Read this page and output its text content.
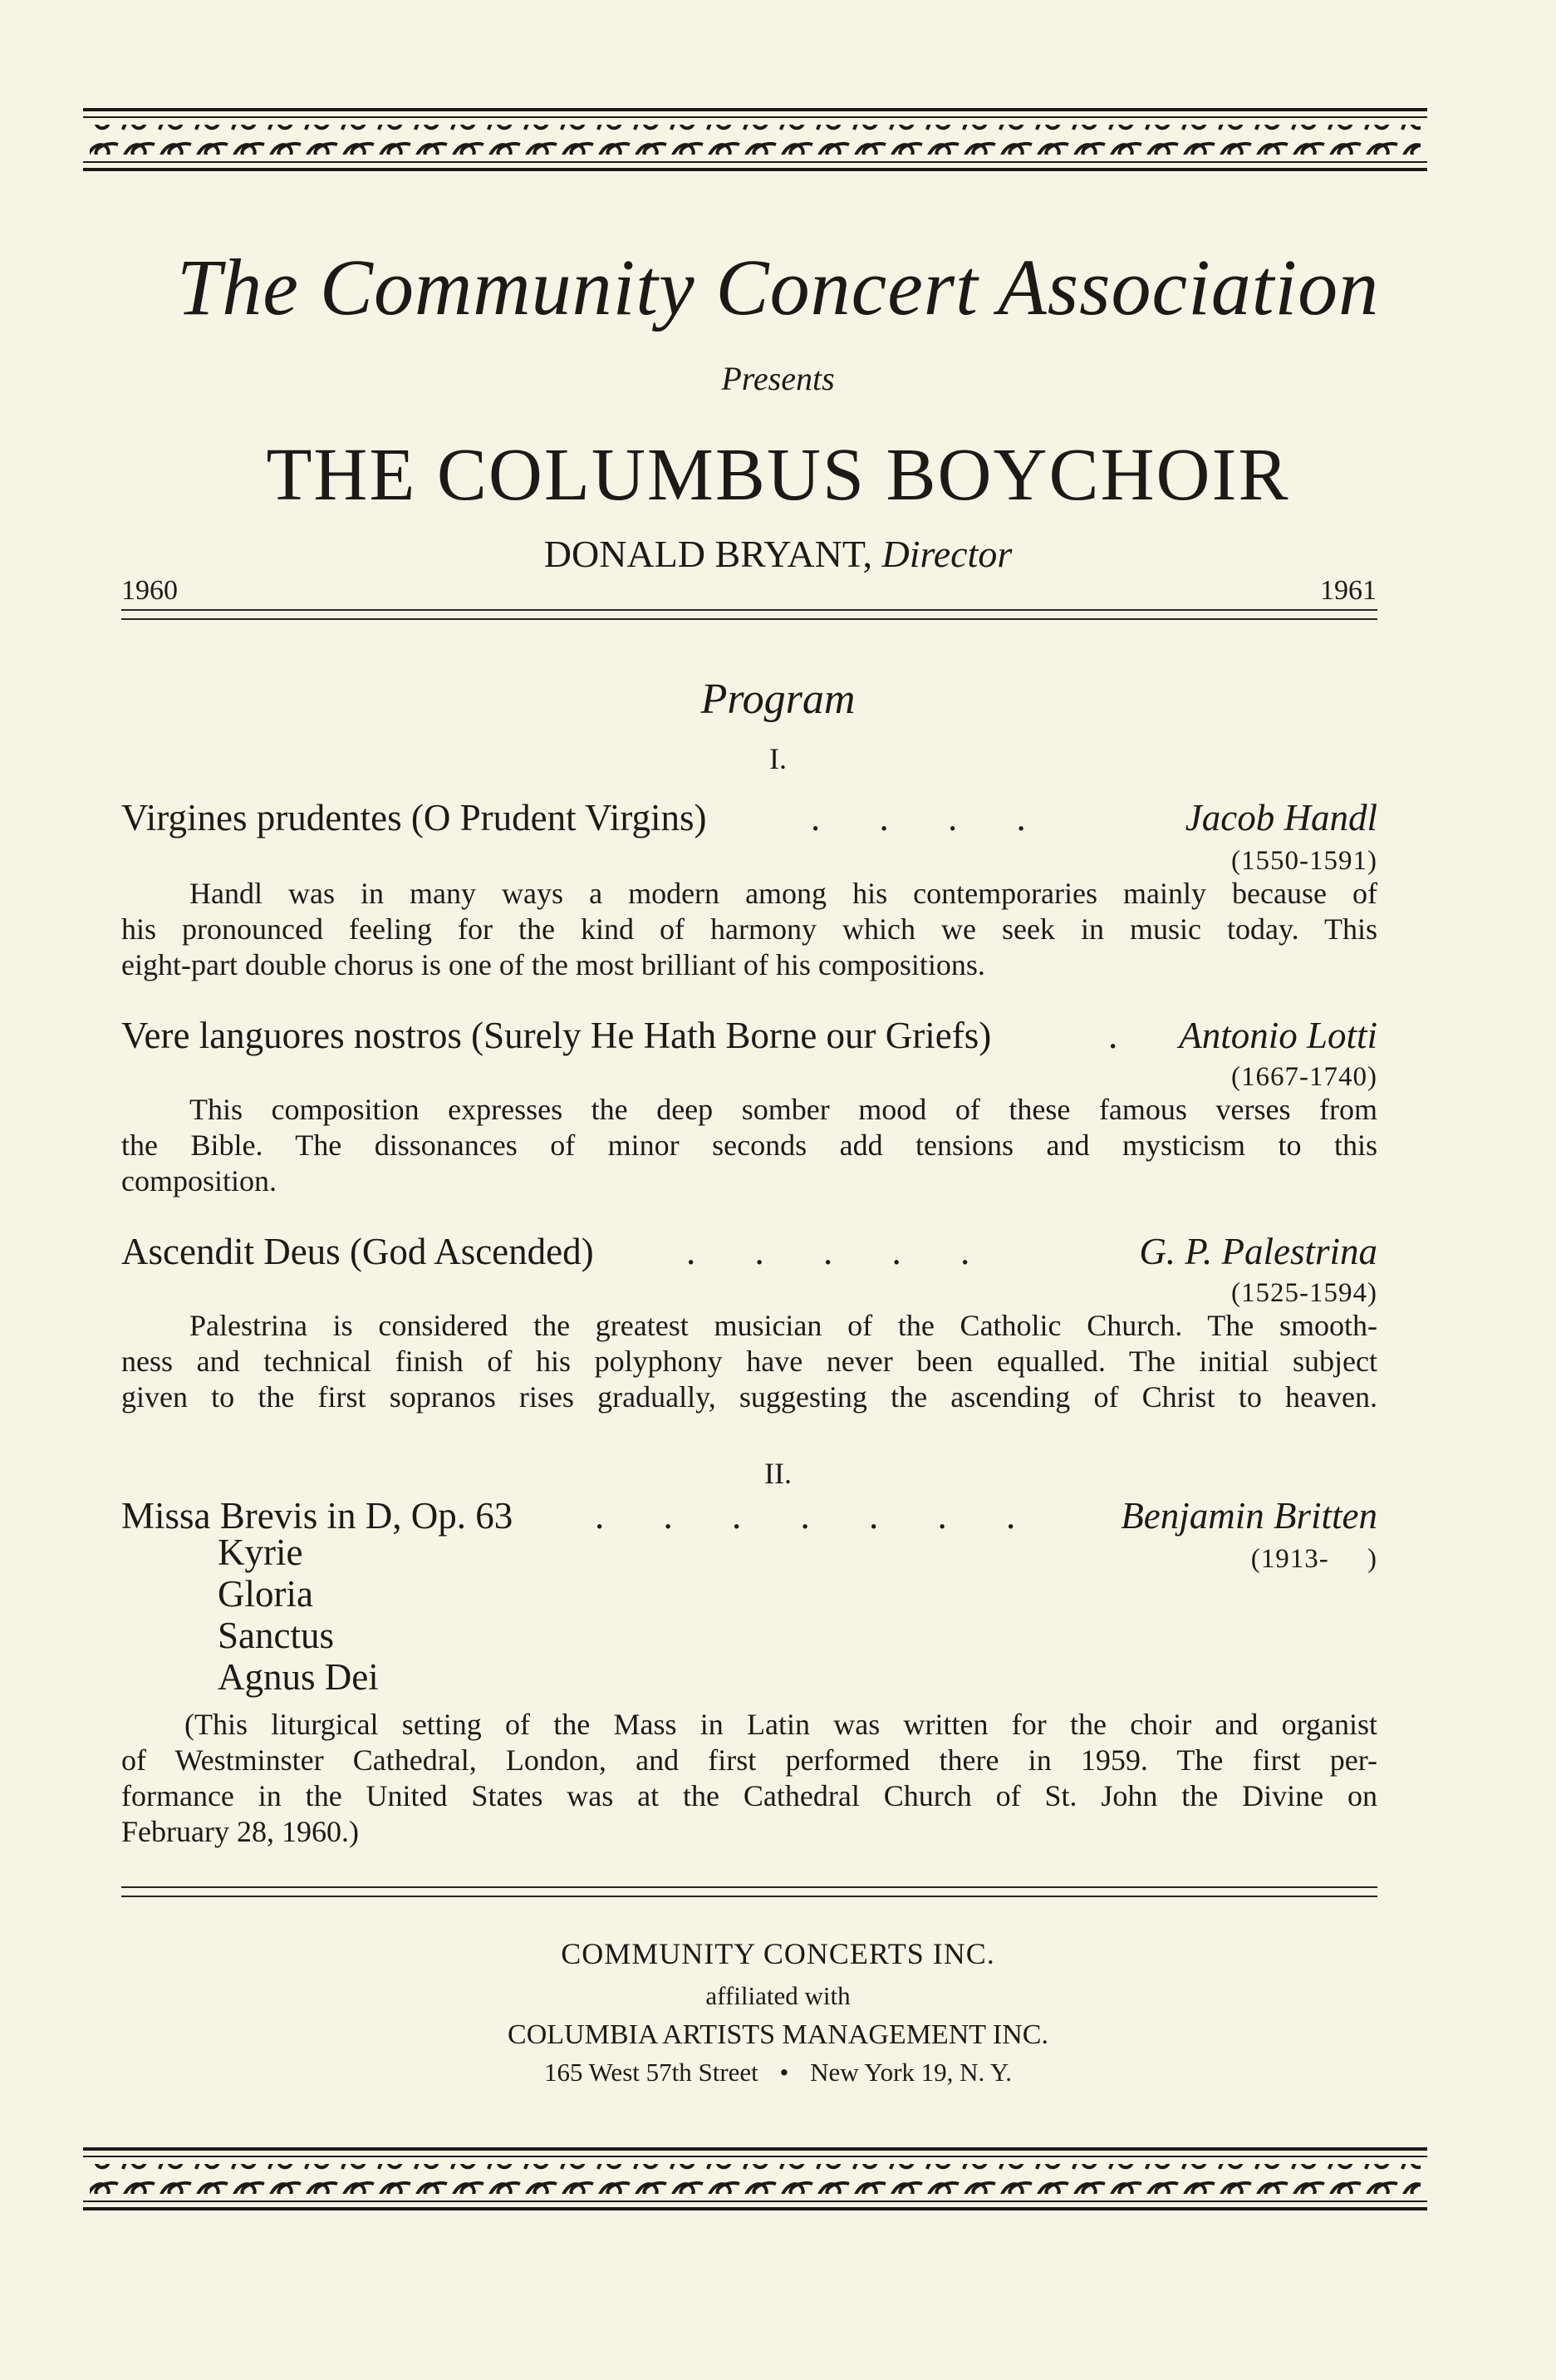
The Community Concert Association
Presents
THE COLUMBUS BOYCHOIR
DONALD BRYANT, Director
1960	1961
Program
I.
Virgines prudentes (O Prudent Virgins)	. . . .	Jacob Handl
(1550-1591)
Handl was in many ways a modern among his contemporaries mainly because of
his pronounced feeling for the kind of harmony which we seek in music today. This
eight-part double chorus is one of the most brilliant of his compositions.
Vere languores nostros (Surely He Hath Borne our Griefs)	. Antonio Lotti
(1667-1740)
This composition expresses the deep somber mood of these famous verses from
the Bible. The dissonances of minor seconds add tensions and mysticism to this
composition.
Ascendit Deus (God Ascended) . . . . .	G. P. Palestrina
(1525-1594)
Palestrina is considered the greatest musician of the Catholic Church. The smooth-
ness and technical finish of his polyphony have never been equalled. The initial subject
given to the first sopranos rises gradually, suggesting the ascending of Christ to heaven.
II.
Missa Brevis in D, Op. 63 . . . . . . . Benjamin Britten
(1913-     )
Kyrie
Gloria
Sanctus
Agnus Dei
(This liturgical setting of the Mass in Latin was written for the choir and organist
of Westminster Cathedral, London, and first performed there in 1959. The first per-
formance in the United States was at the Cathedral Church of St. John the Divine on
February 28, 1960.)
COMMUNITY CONCERTS INC.
affiliated with
COLUMBIA ARTISTS MANAGEMENT INC.
165 West 57th Street • New York 19, N. Y.
